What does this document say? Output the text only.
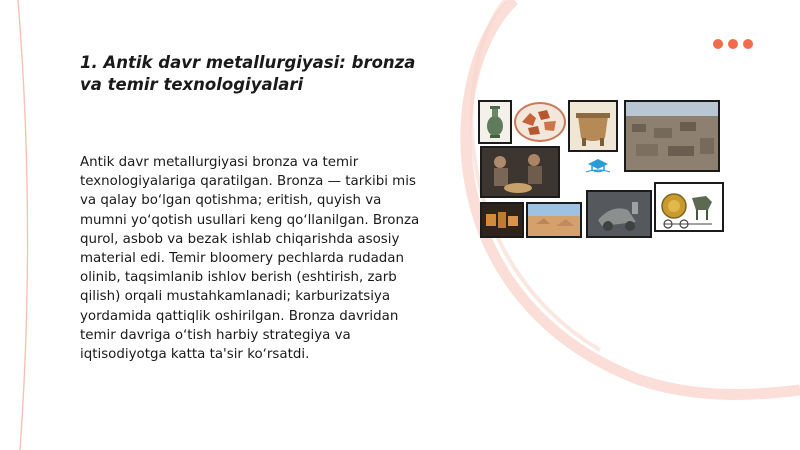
1. Antik davr metallurgiyasi: bronza va temir texnologiyalari

Antik davr metallurgiyasi bronza va temir texnologiyalariga qaratilgan. Bronza — tarkibi mis va qalay boʻlgan qotishma; eritish, quyish va mumni yoʻqotish usullari keng qoʻllanilgan. Bronza qurol, asbob va bezak ishlab chiqarishda asosiy material edi. Temir bloomery pechlarda rudadan olinib, taqsimlanib ishlov berish (eshtirish, zarb qilish) orqali mustahkamlanadi; karburizatsiya yordamida qattiqlik oshirilgan. Bronza davridan temir davriga oʻtish harbiy strategiya va iqtisodiyotga katta ta'sir koʻrsatdi.
